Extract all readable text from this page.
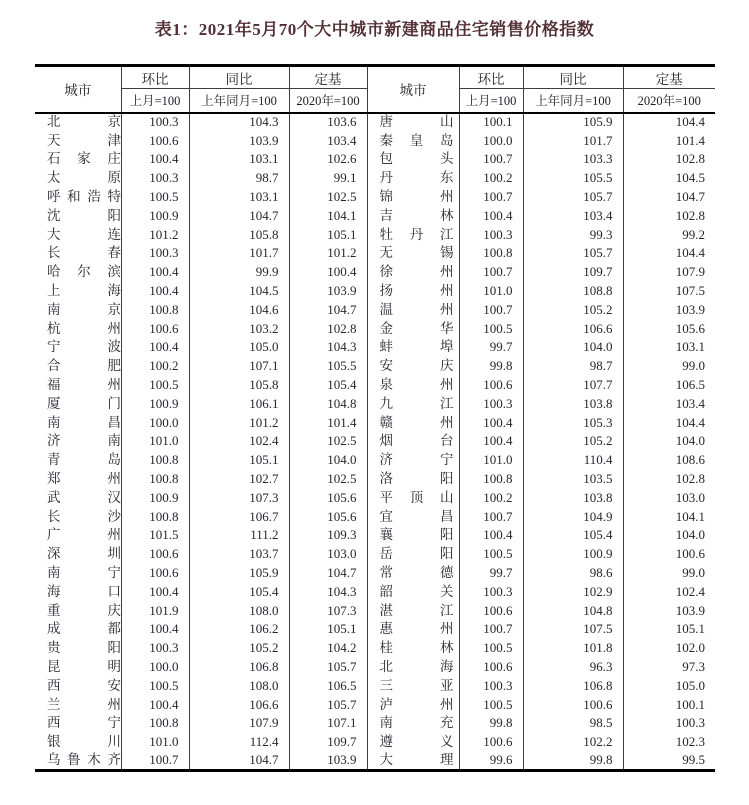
表1：2021年5月70个大中城市新建商品住宅销售价格指数
城市	环比	同比	定基	城市	环比	同比	定基
	上月=100	上年同月=100	2020年=100		上月=100	上年同月=100	2020年=100
北京	100.3	104.3	103.6	唐山	100.1	105.9	104.4
天津	100.6	103.9	103.4	秦皇岛	100.0	101.7	101.4
石家庄	100.4	103.1	102.6	包头	100.7	103.3	102.8
太原	100.3	98.7	99.1	丹东	100.2	105.5	104.5
呼和浩特	100.5	103.1	102.5	锦州	100.7	105.7	104.7
沈阳	100.9	104.7	104.1	吉林	100.4	103.4	102.8
大连	101.2	105.8	105.1	牡丹江	100.3	99.3	99.2
长春	100.3	101.7	101.2	无锡	100.8	105.7	104.4
哈尔滨	100.4	99.9	100.4	徐州	100.7	109.7	107.9
上海	100.4	104.5	103.9	扬州	101.0	108.8	107.5
南京	100.8	104.6	104.7	温州	100.7	105.2	103.9
杭州	100.6	103.2	102.8	金华	100.5	106.6	105.6
宁波	100.4	105.0	104.3	蚌埠	99.7	104.0	103.1
合肥	100.2	107.1	105.5	安庆	99.8	98.7	99.0
福州	100.5	105.8	105.4	泉州	100.6	107.7	106.5
厦门	100.9	106.1	104.8	九江	100.3	103.8	103.4
南昌	100.0	101.2	101.4	赣州	100.4	105.3	104.4
济南	101.0	102.4	102.5	烟台	100.4	105.2	104.0
青岛	100.8	105.1	104.0	济宁	101.0	110.4	108.6
郑州	100.8	102.7	102.5	洛阳	100.8	103.5	102.8
武汉	100.9	107.3	105.6	平顶山	100.2	103.8	103.0
长沙	100.8	106.7	105.6	宜昌	100.7	104.9	104.1
广州	101.5	111.2	109.3	襄阳	100.4	105.4	104.0
深圳	100.6	103.7	103.0	岳阳	100.5	100.9	100.6
南宁	100.6	105.9	104.7	常德	99.7	98.6	99.0
海口	100.4	105.4	104.3	韶关	100.3	102.9	102.4
重庆	101.9	108.0	107.3	湛江	100.6	104.8	103.9
成都	100.4	106.2	105.1	惠州	100.7	107.5	105.1
贵阳	100.3	105.2	104.2	桂林	100.5	101.8	102.0
昆明	100.0	106.8	105.7	北海	100.6	96.3	97.3
西安	100.5	108.0	106.5	三亚	100.3	106.8	105.0
兰州	100.4	106.6	105.7	泸州	100.5	100.6	100.1
西宁	100.8	107.9	107.1	南充	99.8	98.5	100.3
银川	101.0	112.4	109.7	遵义	100.6	102.2	102.3
乌鲁木齐	100.7	104.7	103.9	大理	99.6	99.8	99.5
